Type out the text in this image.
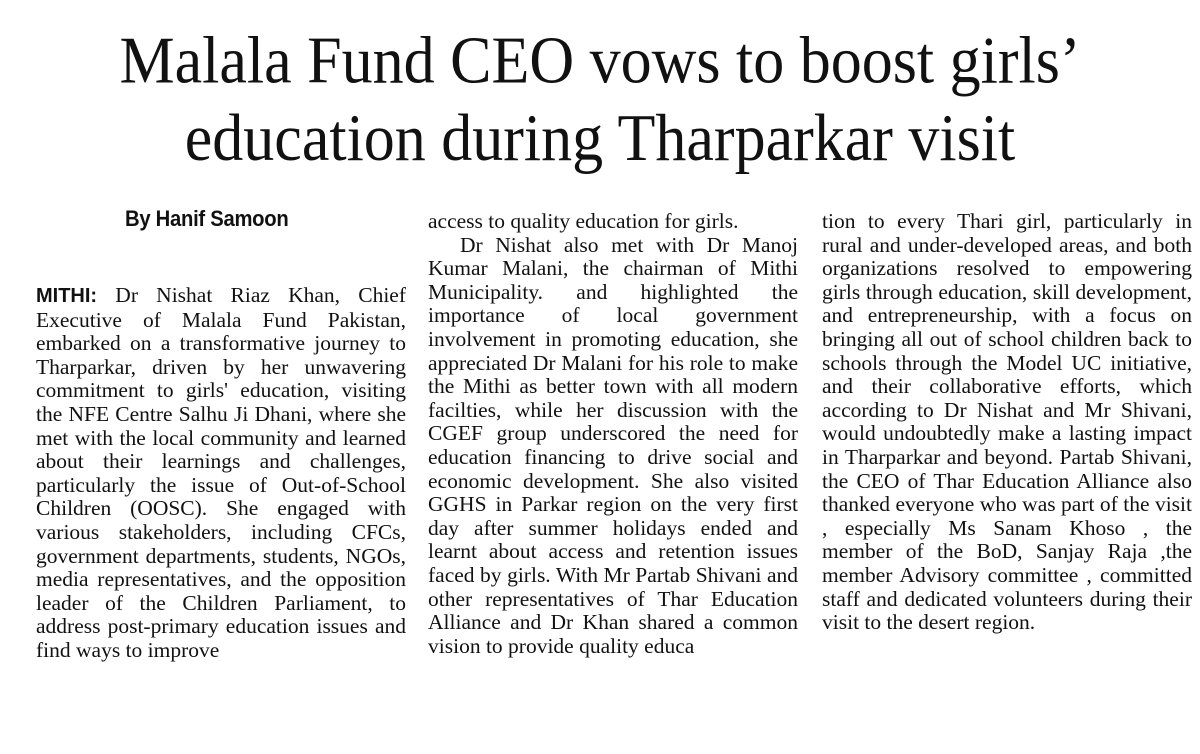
Malala Fund CEO vows to boost girls’
education during Tharparkar visit
By Hanif Samoon

MITHI: Dr Nishat Riaz Khan, Chief Executive of Malala Fund Pakistan, embarked on a transformative journey to Tharparkar, driven by her unwavering commitment to girls' education, visiting the NFE Centre Salhu Ji Dhani, where she met with the local community and learned about their learnings and challenges, particularly the issue of Out-of-School Children (OOSC). She engaged with various stakeholders, including CFCs, government departments, students, NGOs, media representatives, and the opposition leader of the Children Parliament, to address post-primary education issues and find ways to improve

access to quality education for girls.

Dr Nishat also met with Dr Manoj Kumar Malani, the chairman of Mithi Municipality. and highlighted the importance of local government involvement in promoting education, she appreciated Dr Malani for his role to make the Mithi as better town with all modern facilties, while her discussion with the CGEF group underscored the need for education financing to drive social and economic development. She also visited GGHS in Parkar region on the very first day after summer holidays ended and learnt about access and retention issues faced by girls. With Mr Partab Shivani and other representatives of Thar Education Alliance and Dr Khan shared a common vision to provide quality educa

tion to every Thari girl, particularly in rural and under-developed areas, and both organizations resolved to empowering girls through education, skill development, and entrepreneurship, with a focus on bringing all out of school children back to schools through the Model UC initiative, and their collaborative efforts, which according to Dr Nishat and Mr Shivani, would undoubtedly make a lasting impact in Tharparkar and beyond. Partab Shivani, the CEO of Thar Education Alliance also thanked everyone who was part of the visit , especially Ms Sanam Khoso , the member of the BoD, Sanjay Raja ,the member Advisory committee , committed staff and dedicated volunteers during their visit to the desert region.
